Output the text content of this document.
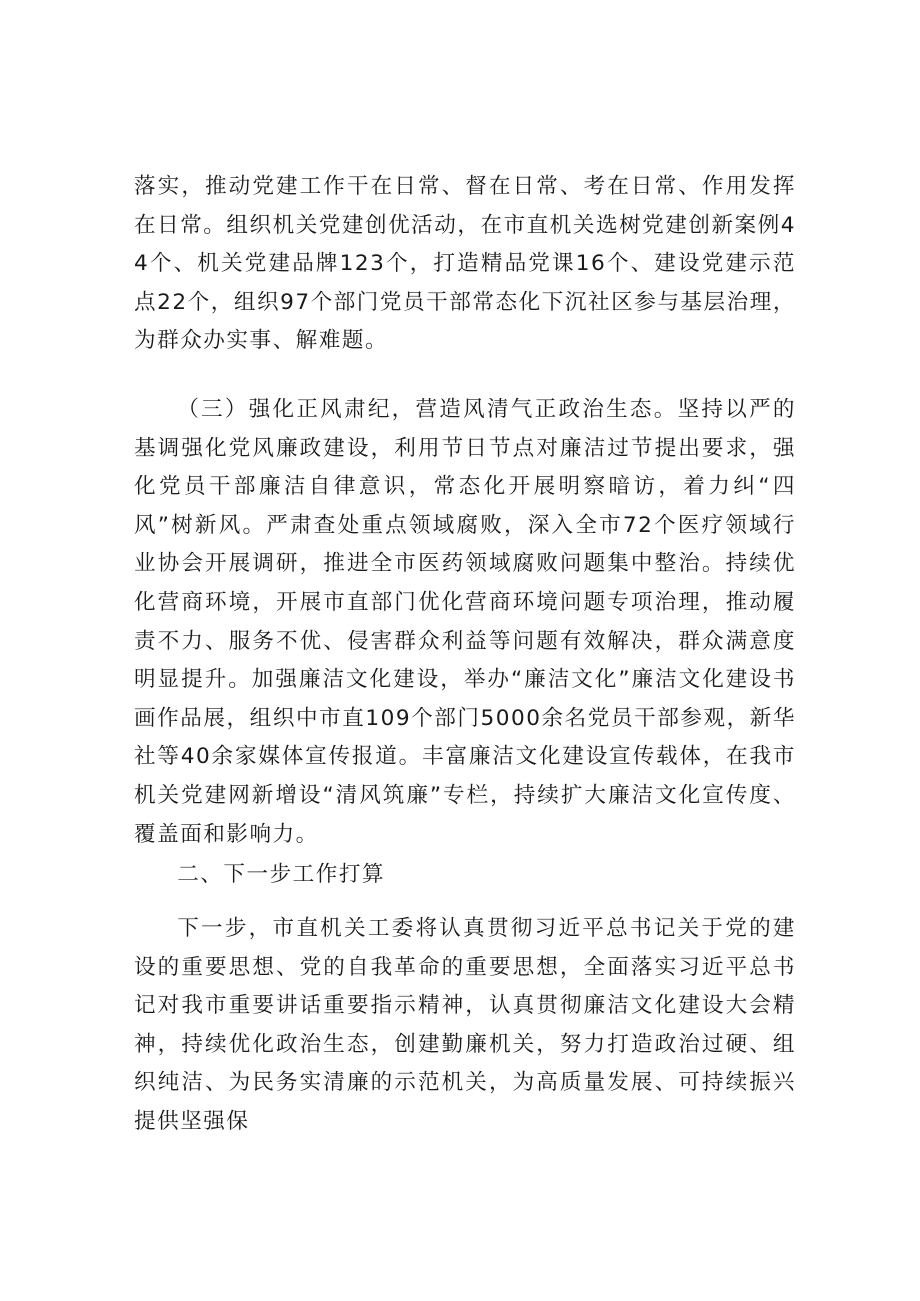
落实，推动党建工作干在日常、督在日常、考在日常、作用发挥在日常。组织机关党建创优活动，在市直机关选树党建创新案例44个、机关党建品牌123个，打造精品党课16个、建设党建示范点22个，组织97个部门党员干部常态化下沉社区参与基层治理，为群众办实事、解难题。

（三）强化正风肃纪，营造风清气正政治生态。坚持以严的基调强化党风廉政建设，利用节日节点对廉洁过节提出要求，强化党员干部廉洁自律意识，常态化开展明察暗访，着力纠“四风”树新风。严肃查处重点领域腐败，深入全市72个医疗领域行业协会开展调研，推进全市医药领域腐败问题集中整治。持续优化营商环境，开展市直部门优化营商环境问题专项治理，推动履责不力、服务不优、侵害群众利益等问题有效解决，群众满意度明显提升。加强廉洁文化建设，举办“廉洁文化”廉洁文化建设书画作品展，组织中市直109个部门5000余名党员干部参观，新华社等40余家媒体宣传报道。丰富廉洁文化建设宣传载体，在我市机关党建网新增设“清风筑廉”专栏，持续扩大廉洁文化宣传度、覆盖面和影响力。

二、下一步工作打算

下一步，市直机关工委将认真贯彻习近平总书记关于党的建设的重要思想、党的自我革命的重要思想，全面落实习近平总书记对我市重要讲话重要指示精神，认真贯彻廉洁文化建设大会精神，持续优化政治生态，创建勤廉机关，努力打造政治过硬、组织纯洁、为民务实清廉的示范机关，为高质量发展、可持续振兴提供坚强保
